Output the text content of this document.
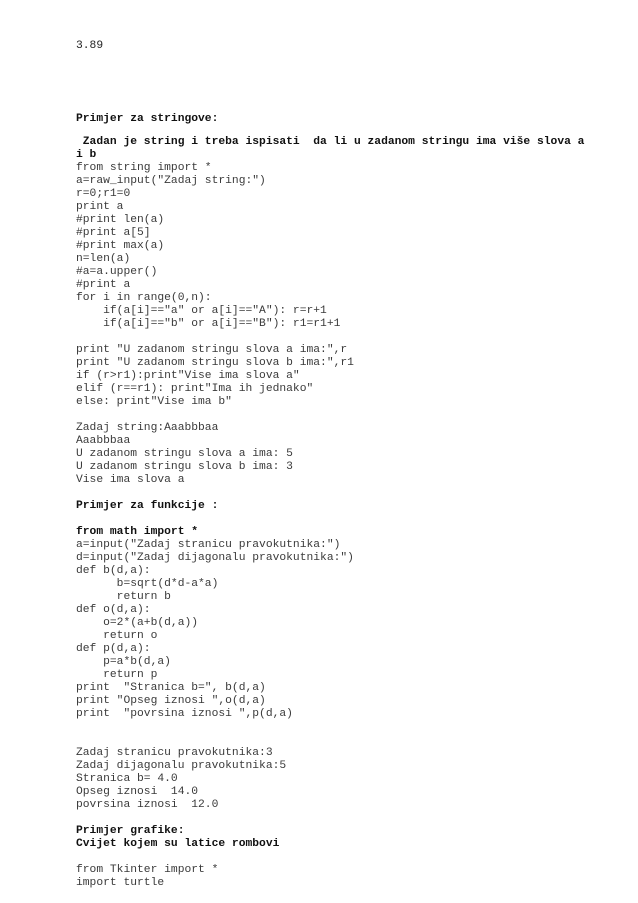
3.89
Primjer za stringove:
Zadan je string i treba ispisati  da li u zadanom stringu ima više slova a
i b
from string import *
a=raw_input("Zadaj string:")
r=0;r1=0
print a
#print len(a)
#print a[5]
#print max(a)
n=len(a)
#a=a.upper()
#print a
for i in range(0,n):
if(a[i]=="a" or a[i]=="A"): r=r+1
if(a[i]=="b" or a[i]=="B"): r1=r1+1
print "U zadanom stringu slova a ima:",r
print "U zadanom stringu slova b ima:",r1
if (r>r1):print"Vise ima slova a"
elif (r==r1): print"Ima ih jednako"
else: print"Vise ima b"
Zadaj string:Aaabbbaa
Aaabbbaa
U zadanom stringu slova a ima: 5
U zadanom stringu slova b ima: 3
Vise ima slova a
Primjer za funkcije :
from math import *
a=input("Zadaj stranicu pravokutnika:")
d=input("Zadaj dijagonalu pravokutnika:")
def b(d,a):
b=sqrt(d*d-a*a)
return b
def o(d,a):
o=2*(a+b(d,a))
return o
def p(d,a):
p=a*b(d,a)
return p
print  "Stranica b=", b(d,a)
print "Opseg iznosi ",o(d,a)
print  "povrsina iznosi ",p(d,a)
Zadaj stranicu pravokutnika:3
Zadaj dijagonalu pravokutnika:5
Stranica b= 4.0
Opseg iznosi  14.0
povrsina iznosi  12.0
Primjer grafike:
Cvijet kojem su latice rombovi
from Tkinter import *
import turtle
